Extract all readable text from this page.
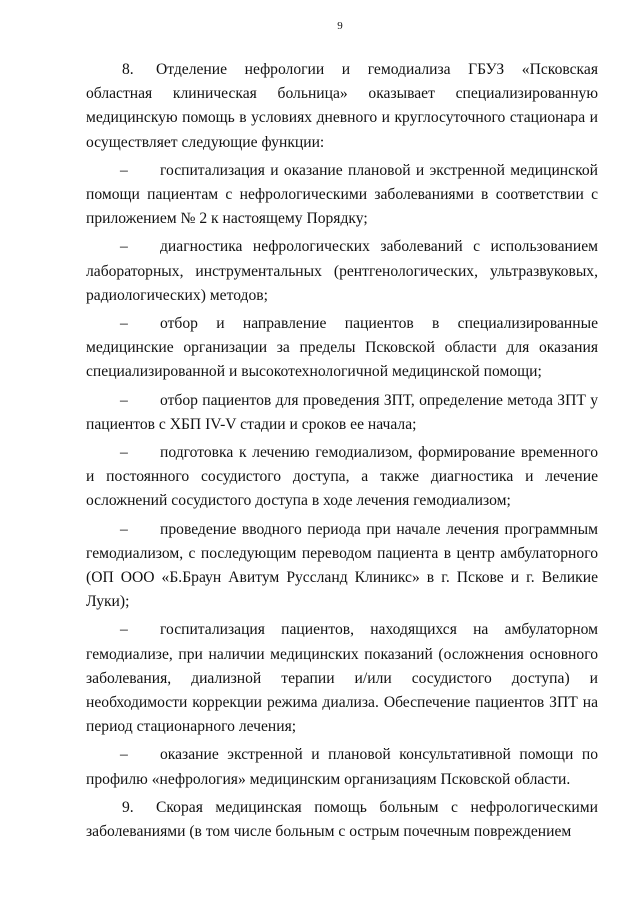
9

8. Отделение нефрологии и гемодиализа ГБУЗ «Псковская областная клиническая больница» оказывает специализированную медицинскую помощь в условиях дневного и круглосуточного стационара и осуществляет следующие функции:

– госпитализация и оказание плановой и экстренной медицинской помощи пациентам с нефрологическими заболеваниями в соответствии с приложением № 2 к настоящему Порядку;

– диагностика нефрологических заболеваний с использованием лабораторных, инструментальных (рентгенологических, ультразвуковых, радиологических) методов;

– отбор и направление пациентов в специализированные медицинские организации за пределы Псковской области для оказания специализированной и высокотехнологичной медицинской помощи;

– отбор пациентов для проведения ЗПТ, определение метода ЗПТ у пациентов с ХБП IV-V стадии и сроков ее начала;

– подготовка к лечению гемодиализом, формирование временного и постоянного сосудистого доступа, а также диагностика и лечение осложнений сосудистого доступа в ходе лечения гемодиализом;

– проведение вводного периода при начале лечения программным гемодиализом, с последующим переводом пациента в центр амбулаторного (ОП ООО «Б.Браун Авитум Русcланд Клиникс» в г. Пскове и г. Великие Луки);

– госпитализация пациентов, находящихся на амбулаторном гемодиализе, при наличии медицинских показаний (осложнения основного заболевания, диализной терапии и/или сосудистого доступа) и необходимости коррекции режима диализа. Обеспечение пациентов ЗПТ на период стационарного лечения;

– оказание экстренной и плановой консультативной помощи по профилю «нефрология» медицинским организациям Псковской области.

9. Скорая медицинская помощь больным с нефрологическими заболеваниями (в том числе больным с острым почечным повреждением
